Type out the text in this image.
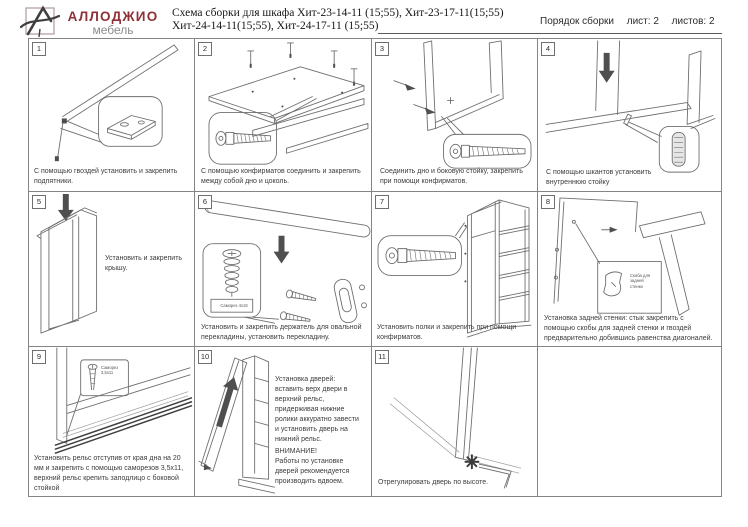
АЛЛОДЖИО
мебель
Схема сборки для шкафа Хит-23-14-11 (15;55), Хит-23-17-11(15;55)
Хит-24-14-11(15;55), Хит-24-17-11 (15;55)	Порядок сборки лист: 2 листов: 2
1
С помощью гвоздей установить и закрепить подпятники.
2
С помощью конфирматов соединить и закрепить между собой дно и цоколь.
3
Соединить дно и боковую стойку, закрепить при помощи конфирматов.
4
С помощью шкантов установить внутреннюю стойку
5
Установить и закрепить крышу.
6
Саморез 4х16
Установить и закрепить держатель для овальной перекладины, установить перекладину.
7
Установить полки и закрепить при помощи конфирматов.
8
Скоба для задней стенки
Установка задней стенки: стык закрепить с помощью скобы для задней стенки и гвоздей предварительно добившись равенства диагоналей.
9
Саморез 3,5х11
Установить рельс отступив от края дна на 20 мм и закрепить с помощью саморезов 3,5х11, верхний рельс крепить заподлицо с боковой стойкой
10
Установка дверей: вставить верх двери в верхний рельс, придерживая нижние ролики аккуратно завести и установить дверь на нижний рельс.
ВНИМАНИЕ!
Работы по установке дверей рекомендуется производить вдвоем.
11
Отрегулировать дверь по высоте.
